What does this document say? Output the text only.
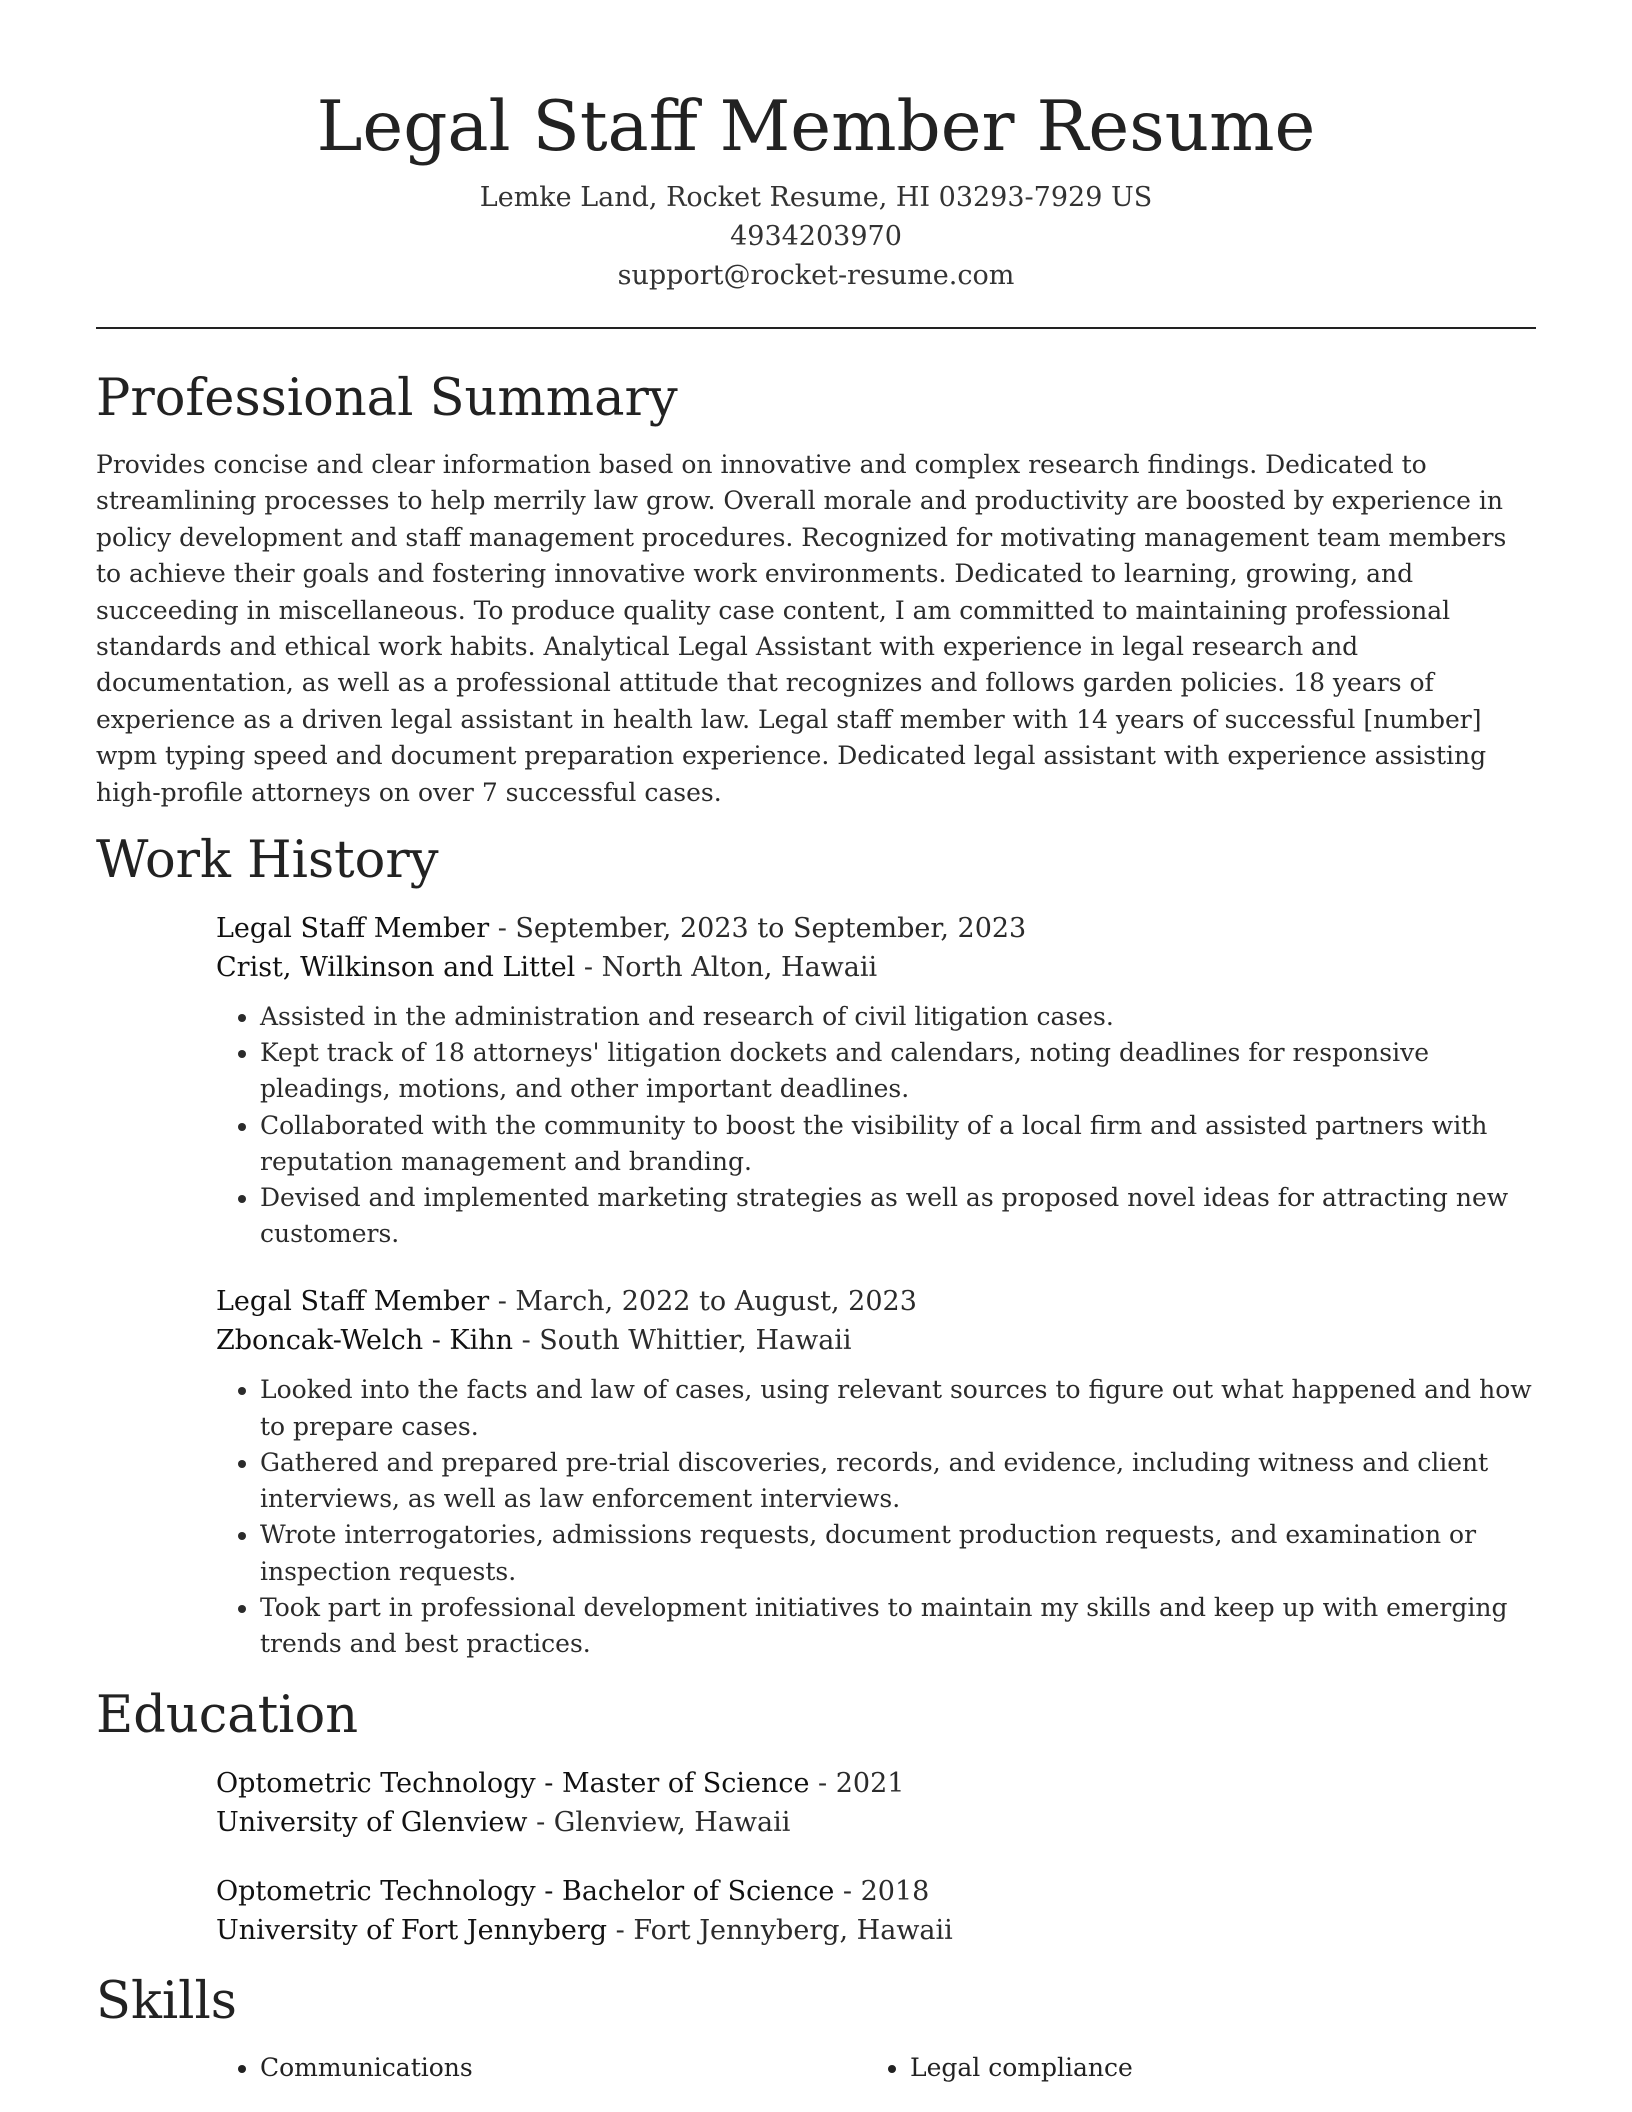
Legal Staff Member Resume
Lemke Land, Rocket Resume, HI 03293-7929 US
4934203970
support@rocket-resume.com
Professional Summary

Provides concise and clear information based on innovative and complex research findings. Dedicated to streamlining processes to help merrily law grow. Overall morale and productivity are boosted by experience in policy development and staff management procedures. Recognized for motivating management team members to achieve their goals and fostering innovative work environments. Dedicated to learning, growing, and succeeding in miscellaneous. To produce quality case content, I am committed to maintaining professional standards and ethical work habits. Analytical Legal Assistant with experience in legal research and documentation, as well as a professional attitude that recognizes and follows garden policies. 18 years of experience as a driven legal assistant in health law. Legal staff member with 14 years of successful [number] wpm typing speed and document preparation experience. Dedicated legal assistant with experience assisting high-profile attorneys on over 7 successful cases.

Work History
Legal Staff Member - September, 2023 to September, 2023
Crist, Wilkinson and Littel - North Alton, Hawaii
• Assisted in the administration and research of civil litigation cases.
• Kept track of 18 attorneys' litigation dockets and calendars, noting deadlines for responsive pleadings, motions, and other important deadlines.
• Collaborated with the community to boost the visibility of a local firm and assisted partners with reputation management and branding.
• Devised and implemented marketing strategies as well as proposed novel ideas for attracting new customers.
Legal Staff Member - March, 2022 to August, 2023
Zboncak-Welch - Kihn - South Whittier, Hawaii
• Looked into the facts and law of cases, using relevant sources to figure out what happened and how to prepare cases.
• Gathered and prepared pre-trial discoveries, records, and evidence, including witness and client interviews, as well as law enforcement interviews.
• Wrote interrogatories, admissions requests, document production requests, and examination or inspection requests.
• Took part in professional development initiatives to maintain my skills and keep up with emerging trends and best practices.
Education
Optometric Technology - Master of Science - 2021
University of Glenview - Glenview, Hawaii
Optometric Technology - Bachelor of Science - 2018
University of Fort Jennyberg - Fort Jennyberg, Hawaii
Skills
• Communications
•	Legal compliance
